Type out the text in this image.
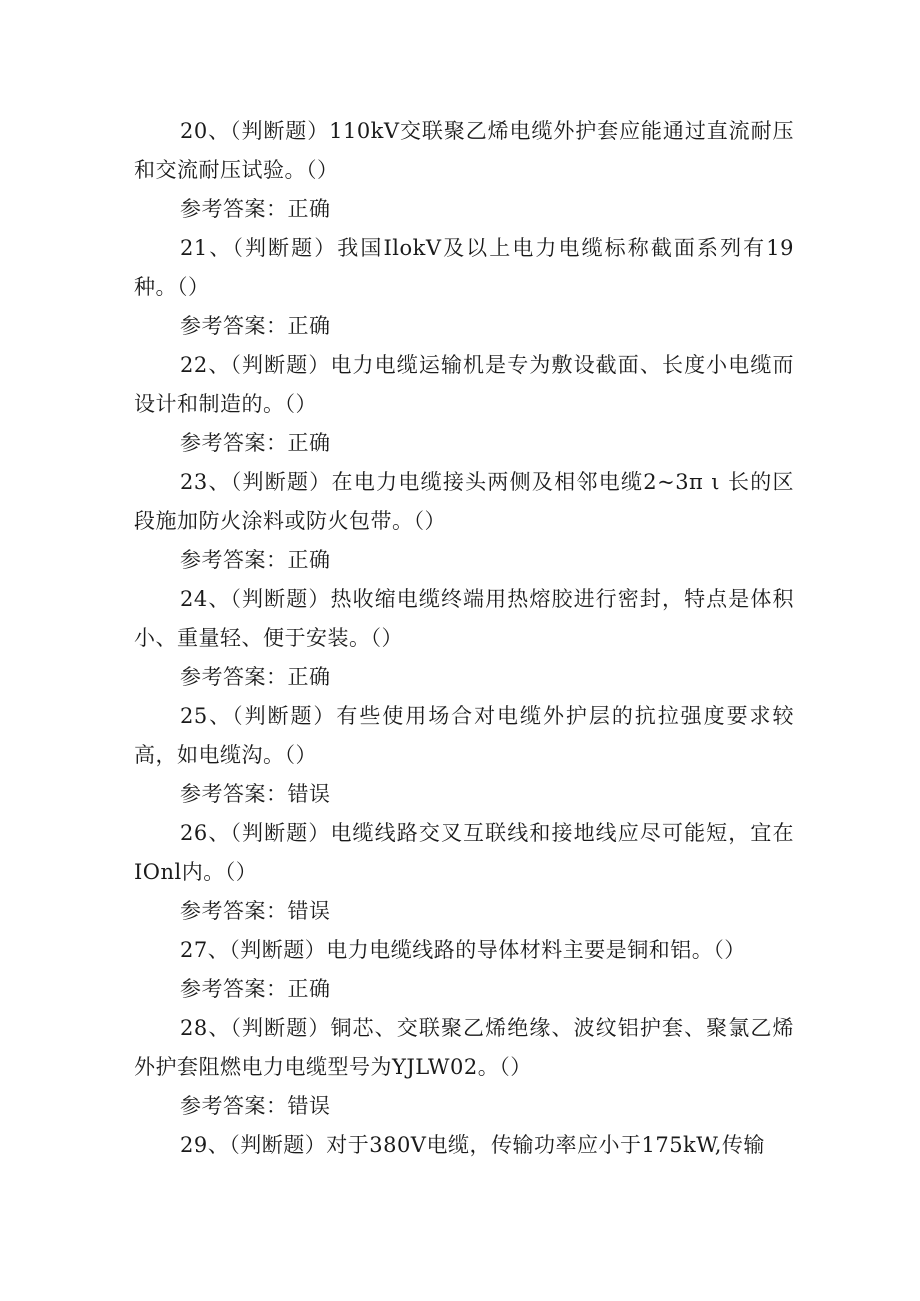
20、（判断题）110kV交联聚乙烯电缆外护套应能通过直流耐压和交流耐压试验。（）

参考答案：正确

21、（判断题）我国IlokV及以上电力电缆标称截面系列有19种。（）

参考答案：正确

22、（判断题）电力电缆运输机是专为敷设截面、长度小电缆而设计和制造的。（）

参考答案：正确

23、（判断题）在电力电缆接头两侧及相邻电缆2~3π ι 长的区段施加防火涂料或防火包带。（）

参考答案：正确

24、（判断题）热收缩电缆终端用热熔胶进行密封，特点是体积小、重量轻、便于安装。（）

参考答案：正确

25、（判断题）有些使用场合对电缆外护层的抗拉强度要求较高，如电缆沟。（）

参考答案：错误

26、（判断题）电缆线路交叉互联线和接地线应尽可能短，宜在IOnl内。（）

参考答案：错误

27、（判断题）电力电缆线路的导体材料主要是铜和铝。（）

参考答案：正确

28、（判断题）铜芯、交联聚乙烯绝缘、波纹铝护套、聚氯乙烯外护套阻燃电力电缆型号为YJLW02。（）

参考答案：错误

29、（判断题）对于380V电缆，传输功率应小于175kW,传输
